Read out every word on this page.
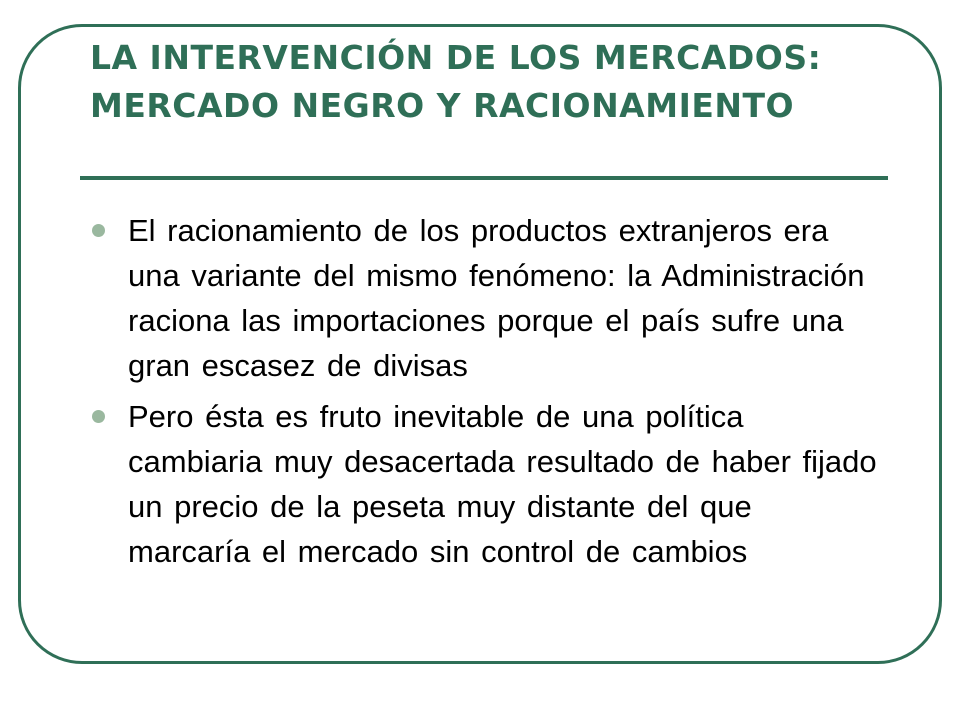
LA INTERVENCIÓN DE LOS MERCADOS: MERCADO NEGRO Y RACIONAMIENTO
El racionamiento de los productos extranjeros era una variante del mismo fenómeno: la Administración raciona las importaciones porque el país sufre una gran escasez de divisas
Pero ésta es fruto inevitable de una política cambiaria muy desacertada resultado de haber fijado un precio de la peseta muy distante del que marcaría el mercado sin control de cambios
